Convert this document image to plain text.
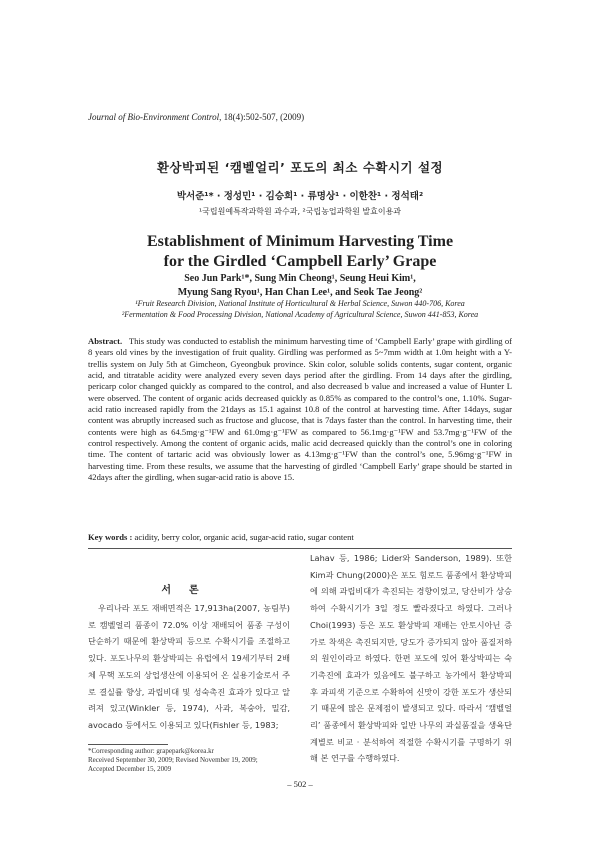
Journal of Bio-Environment Control, 18(4):502-507, (2009)
환상박피된 ‘캠벨얼리’ 포도의 최소 수확시기 설정
박서준¹* · 정성민¹ · 김승희¹ · 류명상¹ · 이한찬¹ · 정석태²
¹국립원예특작과학원 과수과, ²국립농업과학원 발효이용과
Establishment of Minimum Harvesting Time
for the Girdled ‘Campbell Early’ Grape
Seo Jun Park¹*, Sung Min Cheong¹, Seung Heui Kim¹,
Myung Sang Ryou¹, Han Chan Lee¹, and Seok Tae Jeong²
¹Fruit Research Division, National Institute of Horticultural & Herbal Science, Suwon 440-706, Korea
²Fermentation & Food Processing Division, National Academy of Agricultural Science, Suwon 441-853, Korea
Abstract. This study was conducted to establish the minimum harvesting time of ‘Campbell Early’ grape with girdling of 8 years old vines by the investigation of fruit quality. Girdling was performed as 5~7mm width at 1.0m height with a Y-trellis system on July 5th at Gimcheon, Gyeongbuk province. Skin color, soluble solids contents, sugar content, organic acid, and titratable acidity were analyzed every seven days period after the girdling. From 14 days after the girdling, pericarp color changed quickly as compared to the control, and also decreased b value and increased a value of Hunter L were observed. The content of organic acids decreased quickly as 0.85% as compared to the control’s one, 1.10%. Sugar-acid ratio increased rapidly from the 21days as 15.1 against 10.8 of the control at harvesting time. After 14days, sugar content was abruptly increased such as fructose and glucose, that is 7days faster than the control. In harvesting time, their contents were high as 64.5mg·g⁻¹FW and 61.0mg·g⁻¹FW as compared to 56.1mg·g⁻¹FW and 53.7mg·g⁻¹FW of the control respectively. Among the content of organic acids, malic acid decreased quickly than the control’s one in coloring time. The content of tartaric acid was obviously lower as 4.13mg·g⁻¹FW than the control’s one, 5.96mg·g⁻¹FW in harvesting time. From these results, we assume that the harvesting of girdled ‘Campbell Early’ grape should be started in 42days after the girdling, when sugar-acid ratio is above 15.
Key words : acidity, berry color, organic acid, sugar-acid ratio, sugar content
서론

우리나라 포도 재배면적은 17,913ha(2007, 농림부)로 캠벨얼리 품종이 72.0% 이상 재배되어 품종 구성이 단순하기 때문에 환상박피 등으로 수확시기를 조절하고 있다. 포도나무의 환상박피는 유럽에서 19세기부터 2배체 무핵 포도의 상업생산에 이용되어 온 실용기술로서 주로 결실률 향상, 과립비대 및 성숙촉진 효과가 있다고 알려져 있고(Winkler 등, 1974), 사과, 복숭아, 밀감, avocado 등에서도 이용되고 있다(Fishler 등, 1983;

Lahav 등, 1986; Lider와 Sanderson, 1989). 또한 Kim과 Chung(2000)은 포도 힘로드 품종에서 환상박피에 의해 과립비대가 촉진되는 경향이었고, 당산비가 상승하여 수확시기가 3일 정도 빨라졌다고 하였다. 그러나 Choi(1993) 등은 포도 환상박피 재배는 안토시아닌 증가로 착색은 촉진되지만, 당도가 증가되지 않아 품질저하의 원인이라고 하였다. 한편 포도에 있어 환상박피는 숙기촉진에 효과가 있음에도 불구하고 농가에서 환상박피 후 과피색 기준으로 수확하여 신맛이 강한 포도가 생산되기 때문에 많은 문제점이 발생되고 있다. 따라서 ‘캠벨얼리’ 품종에서 환상박피와 일반 나무의 과실품질을 생육단계별로 비교 · 분석하여 적절한 수확시기를 구명하기 위해 본 연구를 수행하였다.

*Corresponding author: grapepark@korea.kr
Received September 30, 2009; Revised November 19, 2009;
Accepted December 15, 2009
– 502 –
